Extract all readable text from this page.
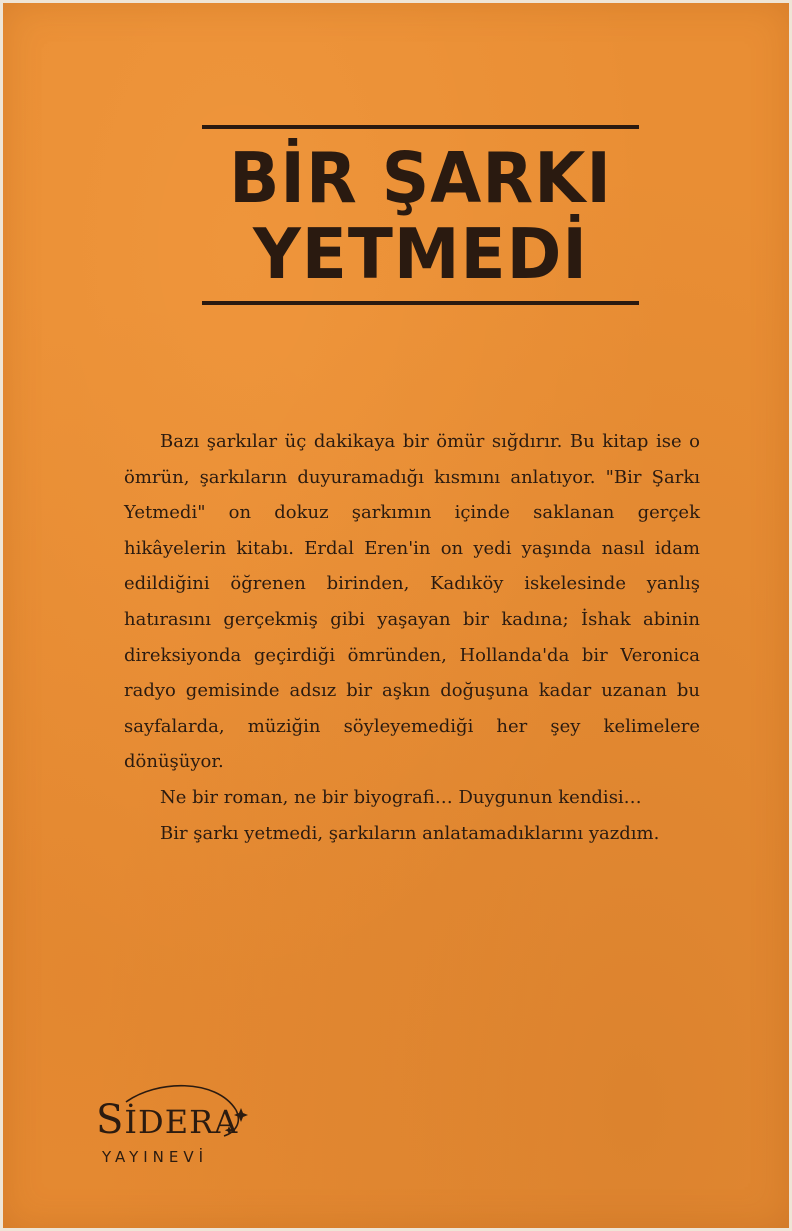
BİR ŞARKI
YETMEDİ

Bazı şarkılar üç dakikaya bir ömür sığdırır. Bu kitap ise o ömrün, şarkıların duyuramadığı kısmını anlatıyor. "Bir Şarkı Yetmedi" on dokuz şarkımın içinde saklanan gerçek hikâyelerin kitabı. Erdal Eren'in on yedi yaşında nasıl idam edildiğini öğrenen birinden, Kadıköy iskelesinde yanlış hatırasını gerçekmiş gibi yaşayan bir kadına; İshak abinin direksiyonda geçirdiği ömründen, Hollanda'da bir Veronica radyo gemisinde adsız bir aşkın doğuşuna kadar uzanan bu sayfalarda, müziğin söyleyemediği her şey kelimelere dönüşüyor.

Ne bir roman, ne bir biyografi… Duygunun kendisi…

Bir şarkı yetmedi, şarkıların anlatamadıklarını yazdım.

SİDERA
YAYINEVİ
